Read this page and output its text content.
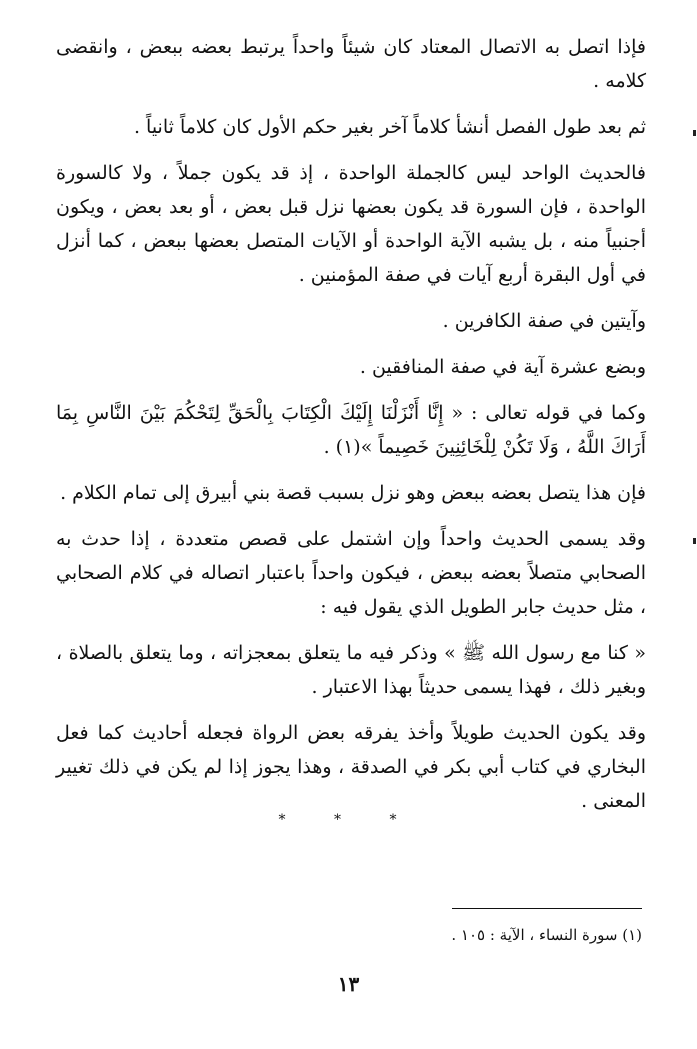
فإذا اتصل به الاتصال المعتاد كان شيئاً واحداً يرتبط بعضه ببعض ، وانقضى كلامه .

ثم بعد طول الفصل أنشأ كلاماً آخر بغير حكم الأول كان كلاماً ثانياً .

فالحديث الواحد ليس كالجملة الواحدة ، إذ قد يكون جملاً ، ولا كالسورة الواحدة ، فإن السورة قد يكون بعضها نزل قبل بعض ، أو بعد بعض ، ويكون أجنبياً منه ، بل يشبه الآية الواحدة أو الآيات المتصل بعضها ببعض ، كما أنزل في أول البقرة أربع آيات في صفة المؤمنين .

وآيتين في صفة الكافرين .

وبضع عشرة آية في صفة المنافقين .

وكما في قوله تعالى : « إِنَّا أَنْزَلْنَا إِلَيْكَ الْكِتَابَ بِالْحَقِّ لِتَحْكُمَ بَيْنَ النَّاسِ بِمَا أَرَاكَ اللَّهُ ، وَلَا تَكُنْ لِلْخَائِنِينَ خَصِيماً »(١) .

فإن هذا يتصل بعضه ببعض وهو نزل بسبب قصة بني أبيرق إلى تمام الكلام .

وقد يسمى الحديث واحداً وإن اشتمل على قصص متعددة ، إذا حدث به الصحابي متصلاً بعضه ببعض ، فيكون واحداً باعتبار اتصاله في كلام الصحابي ، مثل حديث جابر الطويل الذي يقول فيه :

« كنا مع رسول الله ﷺ » وذكر فيه ما يتعلق بمعجزاته ، وما يتعلق بالصلاة ، وبغير ذلك ، فهذا يسمى حديثاً بهذا الاعتبار .

وقد يكون الحديث طويلاً وأخذ يفرقه بعض الرواة فجعله أحاديث كما فعل البخاري في كتاب أبي بكر في الصدقة ، وهذا يجوز إذا لم يكن في ذلك تغيير المعنى .

* * *
(١) سورة النساء ، الآية : ١٠٥ .
١٣
